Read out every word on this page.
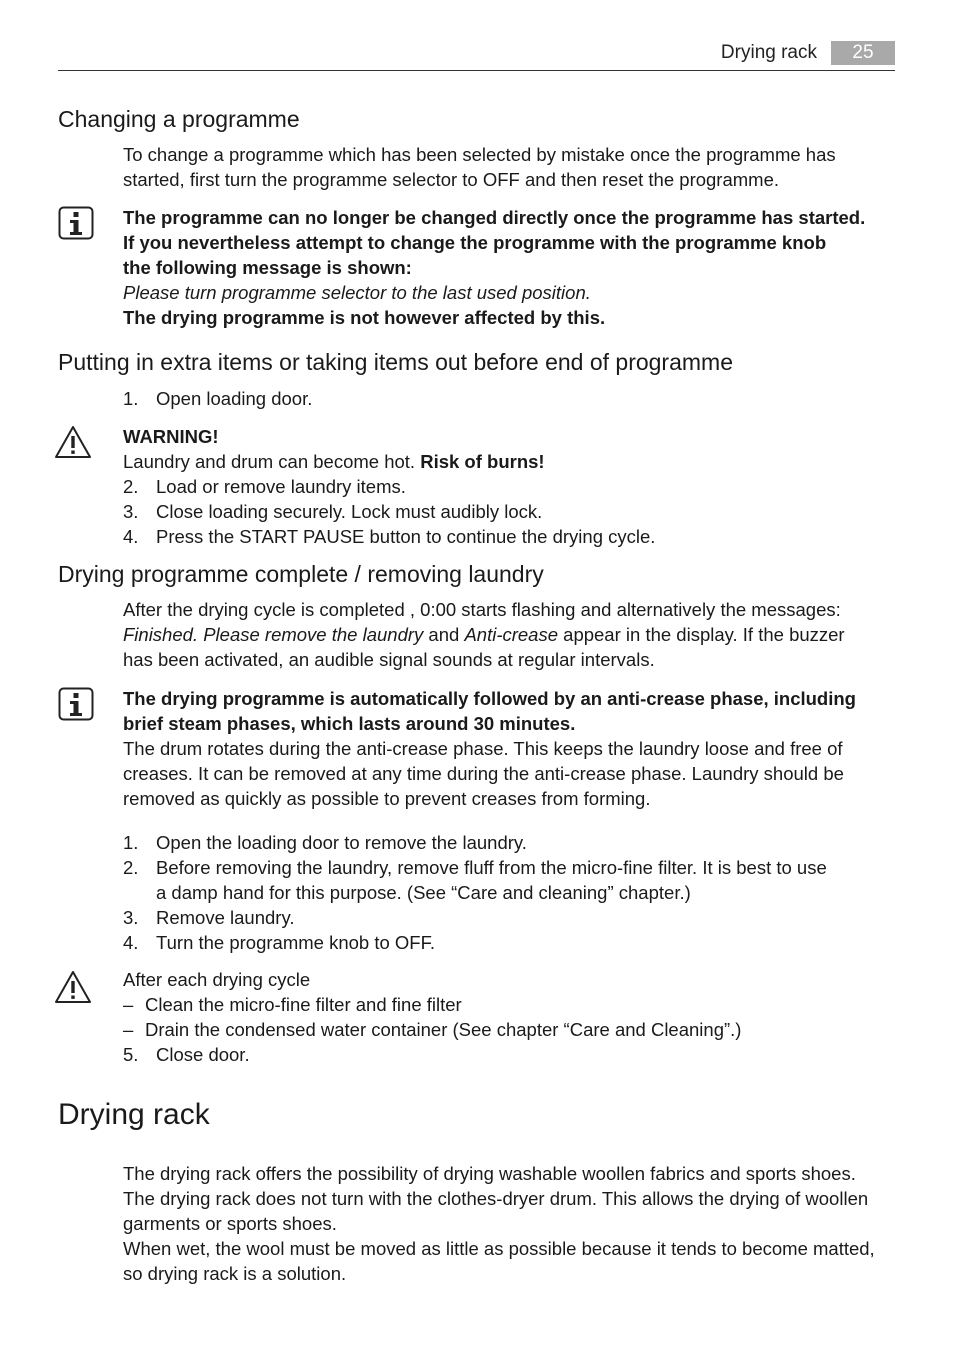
Drying rack	25
Changing a programme
To change a programme which has been selected by mistake once the programme has
started, first turn the programme selector to OFF and then reset the programme.
The programme can no longer be changed directly once the programme has started.
If you nevertheless attempt to change the programme with the programme knob
the following message is shown:
Please turn programme selector to the last used position.
The drying programme is not however affected by this.
Putting in extra items or taking items out before end of programme
1. Open loading door.
WARNING!
Laundry and drum can become hot. Risk of burns!
2. Load or remove laundry items.
3. Close loading securely. Lock must audibly lock.
4. Press the START PAUSE button to continue the drying cycle.
Drying programme complete / removing laundry
After the drying cycle is completed , 0:00 starts flashing and alternatively the messages:
Finished. Please remove the laundry and Anti-crease appear in the display. If the buzzer
has been activated, an audible signal sounds at regular intervals.
The drying programme is automatically followed by an anti-crease phase, including
brief steam phases, which lasts around 30 minutes.
The drum rotates during the anti-crease phase. This keeps the laundry loose and free of
creases. It can be removed at any time during the anti-crease phase. Laundry should be
removed as quickly as possible to prevent creases from forming.
1. Open the loading door to remove the laundry.
2. Before removing the laundry, remove fluff from the micro-fine filter. It is best to use
a damp hand for this purpose. (See “Care and cleaning” chapter.)
3. Remove laundry.
4. Turn the programme knob to OFF.
After each drying cycle
– Clean the micro-fine filter and fine filter
– Drain the condensed water container (See chapter “Care and Cleaning”.)
5. Close door.
Drying rack
The drying rack offers the possibility of drying washable woollen fabrics and sports shoes.
The drying rack does not turn with the clothes-dryer drum. This allows the drying of woollen
garments or sports shoes.
When wet, the wool must be moved as little as possible because it tends to become matted,
so drying rack is a solution.
